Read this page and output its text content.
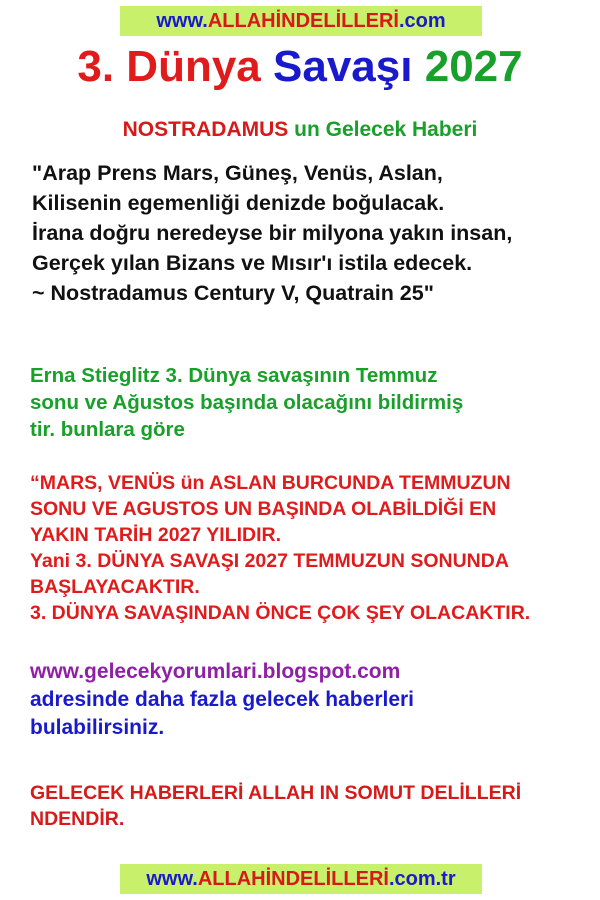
www.ALLAHİNDELİLLERİ.com
3. Dünya Savaşı 2027
NOSTRADAMUS un Gelecek Haberi
"Arap Prens Mars, Güneş, Venüs, Aslan,
Kilisenin egemenliği denizde boğulacak.
İrana doğru neredeyse bir milyona yakın insan,
Gerçek yılan Bizans ve Mısır'ı istila edecek.
~ Nostradamus Century V, Quatrain 25"
Erna Stieglitz 3. Dünya savaşının Temmuz
sonu ve Ağustos başında olacağını bildirmiş
tir. bunlara göre
“MARS, VENÜS ün ASLAN BURCUNDA TEMMUZUN
SONU VE AGUSTOS UN BAŞINDA OLABİLDİĞİ EN
YAKIN TARİH 2027 YILIDIR.
Yani 3. DÜNYA SAVAŞI 2027 TEMMUZUN SONUNDA
BAŞLAYACAKTIR.
3. DÜNYA SAVAŞINDAN ÖNCE ÇOK ŞEY OLACAKTIR.
www.gelecekyorumlari.blogspot.com
adresinde daha fazla gelecek haberleri
bulabilirsiniz.
GELECEK HABERLERİ ALLAH IN SOMUT DELİLLERİ
NDENDİR.
www.ALLAHİNDELİLLERİ.com.tr
